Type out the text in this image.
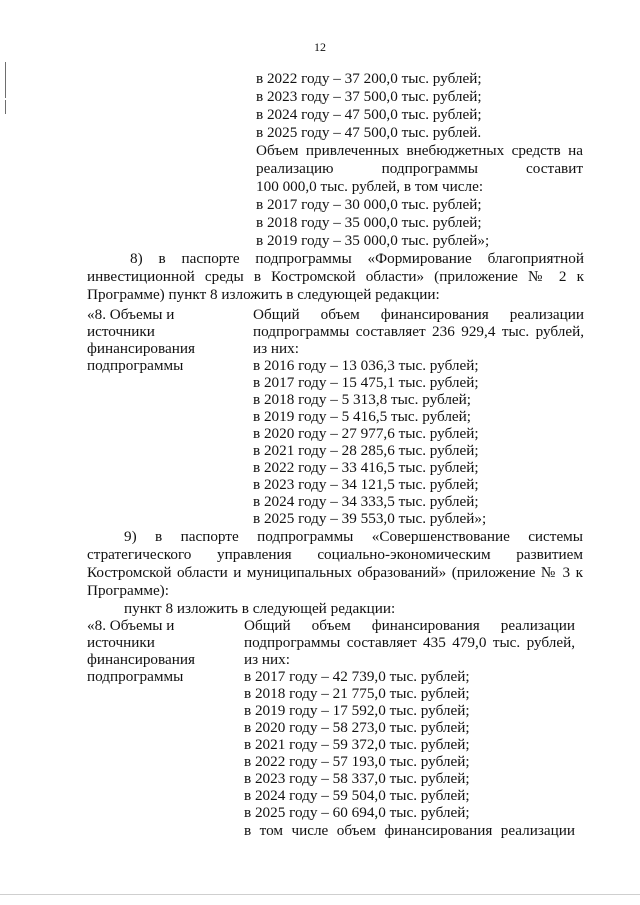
12
в 2022 году – 37 200,0 тыс. рублей;
в 2023 году – 37 500,0 тыс. рублей;
в 2024 году – 47 500,0 тыс. рублей;
в 2025 году – 47 500,0 тыс. рублей.
Объем привлеченных внебюджетных средств на
реализацию подпрограммы составит
100 000,0 тыс. рублей, в том числе:
в 2017 году – 30 000,0 тыс. рублей;
в 2018 году – 35 000,0 тыс. рублей;
в 2019 году – 35 000,0 тыс. рублей»;
8) в паспорте подпрограммы «Формирование благоприятной
инвестиционной среды в Костромской области» (приложение № 2 к
Программе) пункт 8 изложить в следующей редакции:
«8. Объемы и
источники
финансирования
подпрограммы
Общий объем финансирования реализации
подпрограммы составляет 236 929,4 тыс. рублей,
из них:
в 2016 году – 13 036,3 тыс. рублей;
в 2017 году – 15 475,1 тыс. рублей;
в 2018 году – 5 313,8 тыс. рублей;
в 2019 году – 5 416,5 тыс. рублей;
в 2020 году – 27 977,6 тыс. рублей;
в 2021 году – 28 285,6 тыс. рублей;
в 2022 году – 33 416,5 тыс. рублей;
в 2023 году – 34 121,5 тыс. рублей;
в 2024 году – 34 333,5 тыс. рублей;
в 2025 году – 39 553,0 тыс. рублей»;
9) в паспорте подпрограммы «Совершенствование системы
стратегического управления социально-экономическим развитием
Костромской области и муниципальных образований» (приложение № 3 к
Программе):
пункт 8 изложить в следующей редакции:
«8. Объемы и
источники
финансирования
подпрограммы
Общий объем финансирования реализации
подпрограммы составляет 435 479,0 тыс. рублей,
из них:
в 2017 году – 42 739,0 тыс. рублей;
в 2018 году – 21 775,0 тыс. рублей;
в 2019 году – 17 592,0 тыс. рублей;
в 2020 году – 58 273,0 тыс. рублей;
в 2021 году – 59 372,0 тыс. рублей;
в 2022 году – 57 193,0 тыс. рублей;
в 2023 году – 58 337,0 тыс. рублей;
в 2024 году – 59 504,0 тыс. рублей;
в 2025 году – 60 694,0 тыс. рублей;
в том числе объем финансирования реализации
